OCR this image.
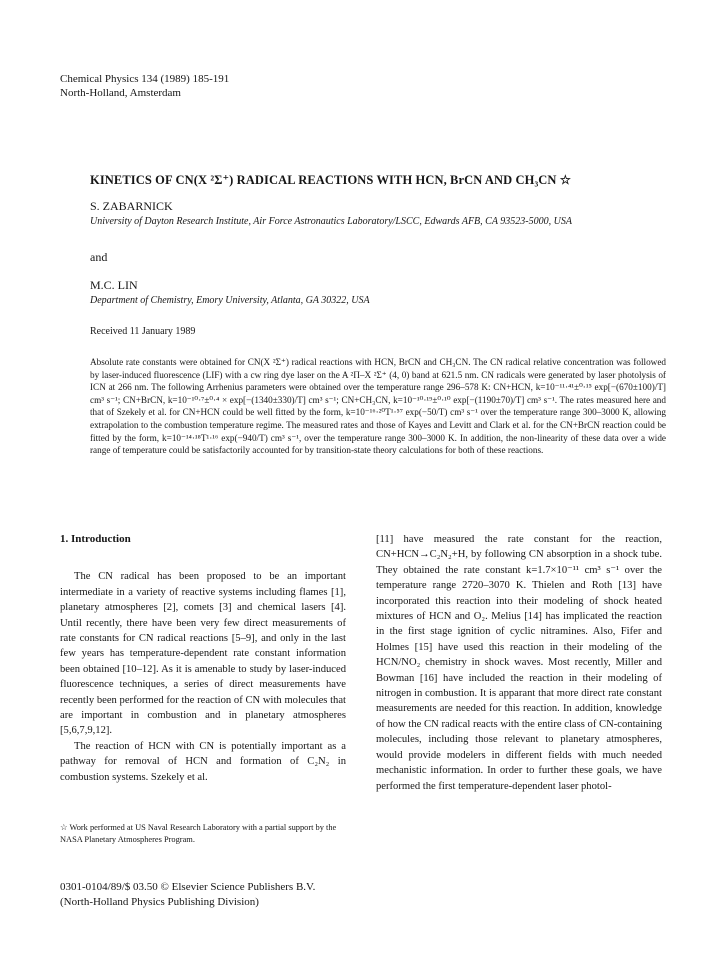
Chemical Physics 134 (1989) 185-191
North-Holland, Amsterdam
KINETICS OF CN(X ²Σ⁺) RADICAL REACTIONS WITH HCN, BrCN AND CH₃CN ☆
S. ZABARNICK
University of Dayton Research Institute, Air Force Astronautics Laboratory/LSCC, Edwards AFB, CA 93523-5000, USA
and
M.C. LIN
Department of Chemistry, Emory University, Atlanta, GA 30322, USA
Received 11 January 1989
Absolute rate constants were obtained for CN(X ²Σ⁺) radical reactions with HCN, BrCN and CH₃CN. The CN radical relative concentration was followed by laser-induced fluorescence (LIF) with a cw ring dye laser on the A ²Π–X ²Σ⁺ (4, 0) band at 621.5 nm. CN radicals were generated by laser photolysis of ICN at 266 nm. The following Arrhenius parameters were obtained over the temperature range 296–578 K: CN+HCN, k=10⁻¹¹·⁴¹±⁰·¹⁵ exp[−(670±100)/T] cm³ s⁻¹; CN+BrCN, k=10⁻¹⁰·⁷±⁰·⁴ × exp[−(1340±330)/T] cm³ s⁻¹; CN+CH₃CN, k=10⁻¹⁰·¹⁹±⁰·¹⁰ exp[−(1190±70)/T] cm³ s⁻¹. The rates measured here and that of Szekely et al. for CN+HCN could be well fitted by the form, k=10⁻¹⁶·²⁰T¹·⁵⁷ exp(−50/T) cm³ s⁻¹ over the temperature range 300–3000 K, allowing extrapolation to the combustion temperature regime. The measured rates and those of Kayes and Levitt and Clark et al. for the CN+BrCN reaction could be fitted by the form, k=10⁻¹⁴·¹⁸T¹·¹⁶ exp(−940/T) cm³ s⁻¹, over the temperature range 300–3000 K. In addition, the non-linearity of these data over a wide range of temperature could be satisfactorily accounted for by transition-state theory calculations for both of these reactions.

1. Introduction

The CN radical has been proposed to be an important intermediate in a variety of reactive systems including flames [1], planetary atmospheres [2], comets [3] and chemical lasers [4]. Until recently, there have been very few direct measurements of rate constants for CN radical reactions [5–9], and only in the last few years has temperature-dependent rate constant information been obtained [10–12]. As it is amenable to study by laser-induced fluorescence techniques, a series of direct measurements have recently been performed for the reaction of CN with molecules that are important in combustion and in planetary atmospheres [5,6,7,9,12].

The reaction of HCN with CN is potentially important as a pathway for removal of HCN and formation of C₂N₂ in combustion systems. Szekely et al.

[11] have measured the rate constant for the reaction, CN+HCN→C₂N₂+H, by following CN absorption in a shock tube. They obtained the rate constant k=1.7×10⁻¹¹ cm³ s⁻¹ over the temperature range 2720–3070 K. Thielen and Roth [13] have incorporated this reaction into their modeling of shock heated mixtures of HCN and O₂. Melius [14] has implicated the reaction in the first stage ignition of cyclic nitramines. Also, Fifer and Holmes [15] have used this reaction in their modeling of the HCN/NO₂ chemistry in shock waves. Most recently, Miller and Bowman [16] have included the reaction in their modeling of nitrogen in combustion. It is apparant that more direct rate constant measurements are needed for this reaction. In addition, knowledge of how the CN radical reacts with the entire class of CN-containing molecules, including those relevant to planetary atmospheres, would provide modelers in different fields with much needed mechanistic information. In order to further these goals, we have performed the first temperature-dependent laser photol-

☆ Work performed at US Naval Research Laboratory with a partial support by the NASA Planetary Atmospheres Program.
0301-0104/89/$ 03.50 © Elsevier Science Publishers B.V.
(North-Holland Physics Publishing Division)
